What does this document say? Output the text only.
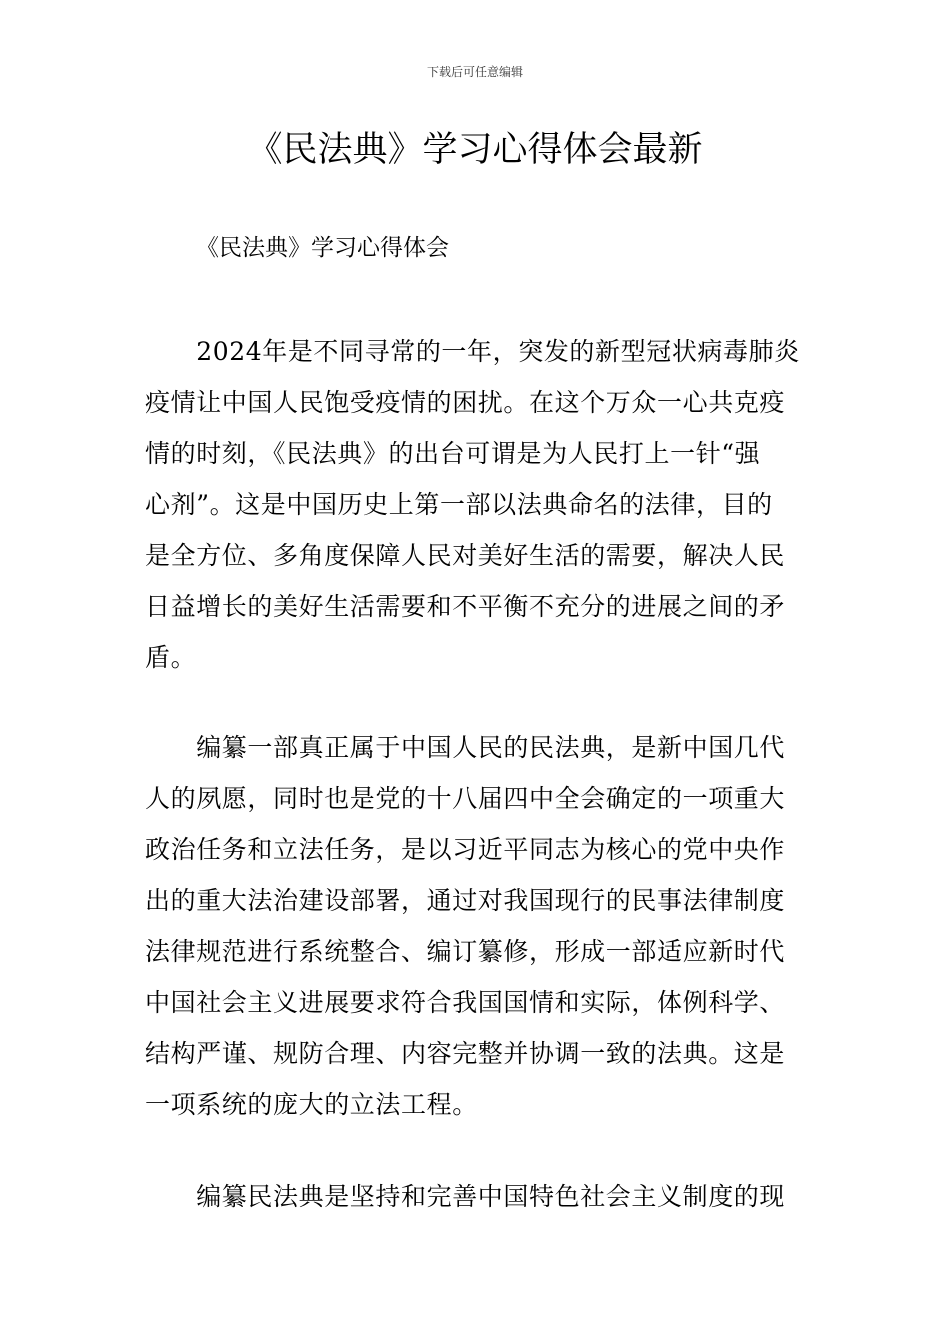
下载后可任意编辑
《民法典》学习心得体会最新

《民法典》学习心得体会

　　2024年是不同寻常的一年，突发的新型冠状病毒肺炎
疫情让中国人民饱受疫情的困扰。在这个万众一心共克疫
情的时刻，《民法典》的出台可谓是为人民打上一针“强
心剂”。这是中国历史上第一部以法典命名的法律，目的
是全方位、多角度保障人民对美好生活的需要，解决人民
日益增长的美好生活需要和不平衡不充分的进展之间的矛
盾。
　　编纂一部真正属于中国人民的民法典，是新中国几代
人的夙愿，同时也是党的十八届四中全会确定的一项重大
政治任务和立法任务，是以习近平同志为核心的党中央作
出的重大法治建设部署，通过对我国现行的民事法律制度
法律规范进行系统整合、编订纂修，形成一部适应新时代
中国社会主义进展要求符合我国国情和实际，体例科学、
结构严谨、规防合理、内容完整并协调一致的法典。这是
一项系统的庞大的立法工程。
　　编纂民法典是坚持和完善中国特色社会主义制度的现
